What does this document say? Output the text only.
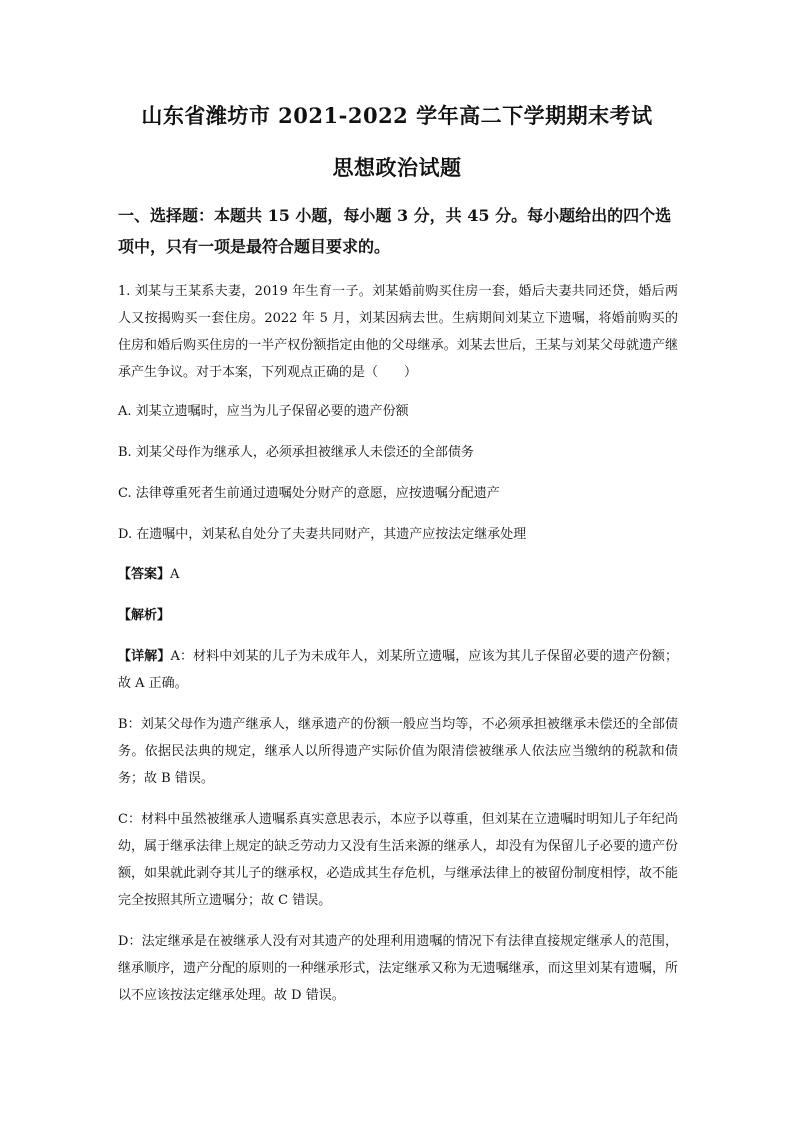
山东省潍坊市 2021-2022 学年高二下学期期末考试
思想政治试题
一、选择题：本题共 15 小题，每小题 3 分，共 45 分。每小题给出的四个选项中，只有一项是最符合题目要求的。
1. 刘某与王某系夫妻，2019 年生育一子。刘某婚前购买住房一套，婚后夫妻共同还贷，婚后两人又按揭购买一套住房。2022 年 5 月，刘某因病去世。生病期间刘某立下遗嘱，将婚前购买的住房和婚后购买住房的一半产权份额指定由他的父母继承。刘某去世后，王某与刘某父母就遗产继承产生争议。对于本案，下列观点正确的是（　　）
A. 刘某立遗嘱时，应当为儿子保留必要的遗产份额
B. 刘某父母作为继承人，必须承担被继承人未偿还的全部债务
C. 法律尊重死者生前通过遗嘱处分财产的意愿，应按遗嘱分配遗产
D. 在遗嘱中，刘某私自处分了夫妻共同财产，其遗产应按法定继承处理
【答案】A
【解析】
【详解】A：材料中刘某的儿子为未成年人，刘某所立遗嘱，应该为其儿子保留必要的遗产份额；故 A 正确。
B：刘某父母作为遗产继承人，继承遗产的份额一般应当均等，不必须承担被继承未偿还的全部债务。依据民法典的规定，继承人以所得遗产实际价值为限清偿被继承人依法应当缴纳的税款和债务；故 B 错误。
C：材料中虽然被继承人遗嘱系真实意思表示，本应予以尊重，但刘某在立遗嘱时明知儿子年纪尚幼，属于继承法律上规定的缺乏劳动力又没有生活来源的继承人，却没有为保留儿子必要的遗产份额，如果就此剥夺其儿子的继承权，必造成其生存危机，与继承法律上的被留份制度相悖，故不能完全按照其所立遗嘱分；故 C 错误。
D：法定继承是在被继承人没有对其遗产的处理利用遗嘱的情况下有法律直接规定继承人的范围，继承顺序，遗产分配的原则的一种继承形式，法定继承又称为无遗嘱继承，而这里刘某有遗嘱，所以不应该按法定继承处理。故 D 错误。
